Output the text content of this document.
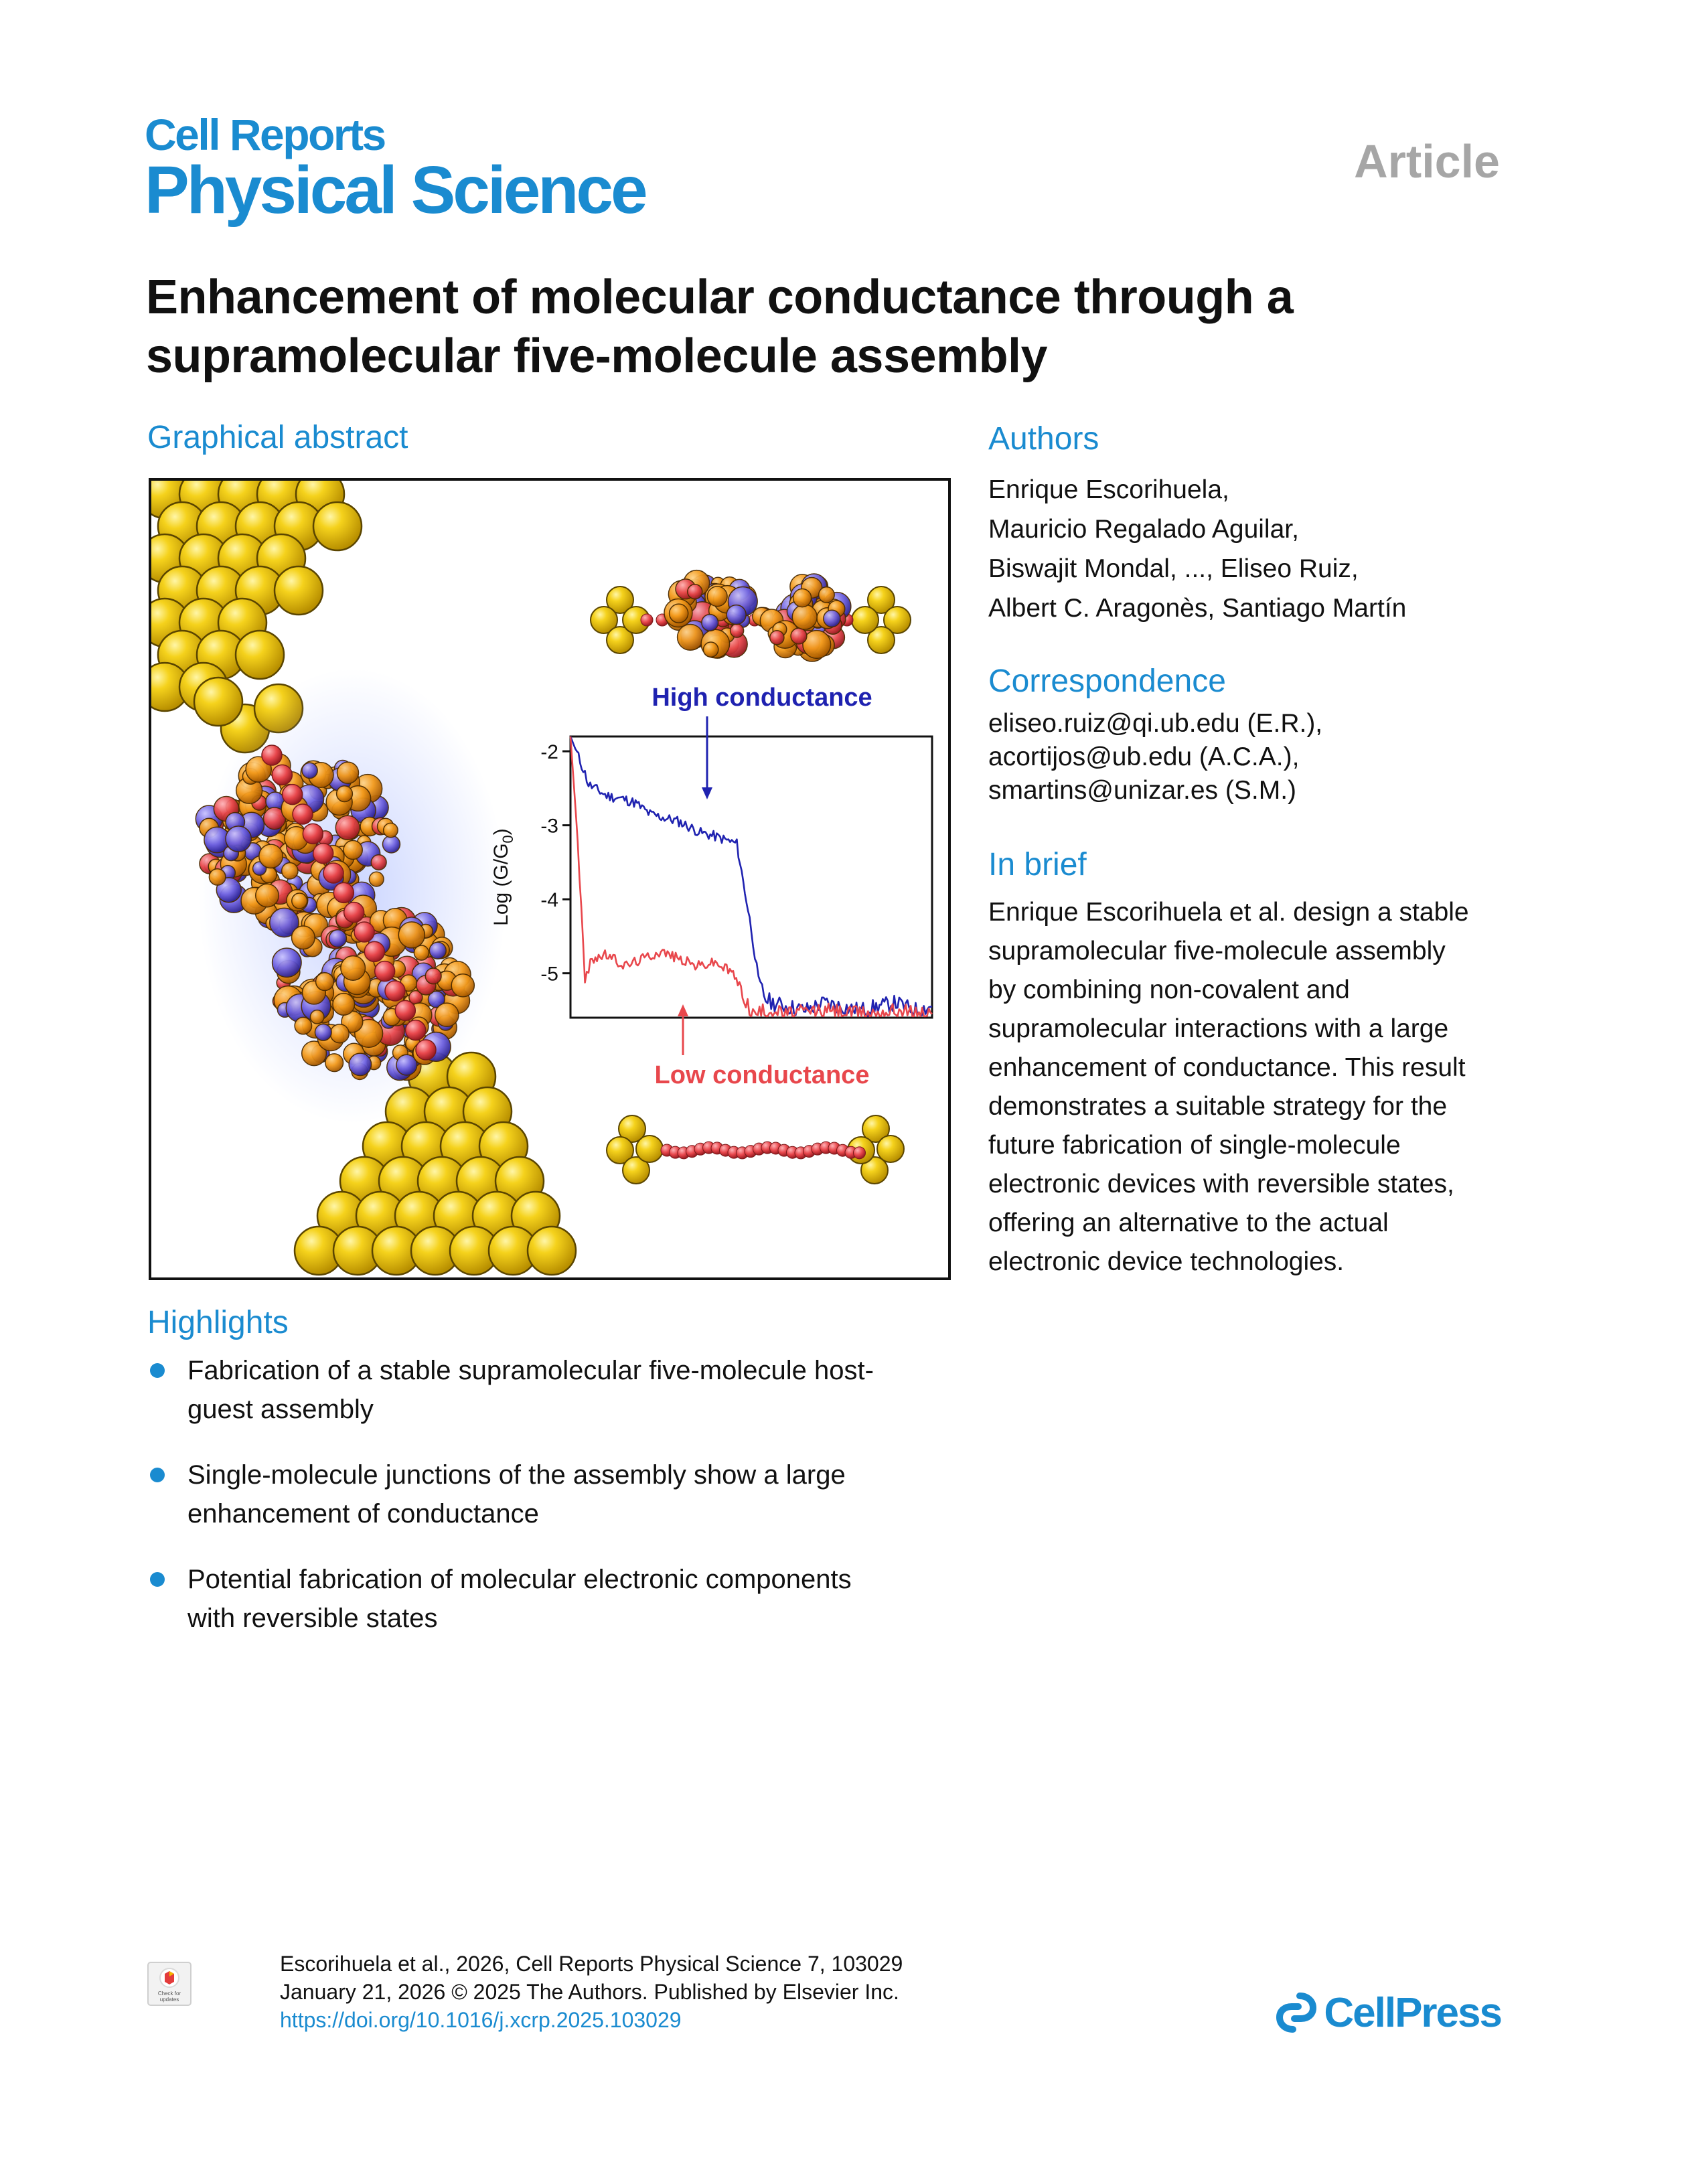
Cell Reports
Physical Science	Article
Enhancement of molecular conductance through a supramolecular five-molecule assembly
Graphical abstract
-2
-3
-4
-5
Log $(G/G_0)$
High conductance
Low conductance
Highlights
Fabrication of a stable supramolecular five-molecule host-
guest assembly
Single-molecule junctions of the assembly show a large
enhancement of conductance
Potential fabrication of molecular electronic components
with reversible states
Authors
Enrique Escorihuela,
Mauricio Regalado Aguilar,
Biswajit Mondal, ..., Eliseo Ruiz,
Albert C. Aragonès, Santiago Martín
Correspondence
eliseo.ruiz@qi.ub.edu (E.R.),
acortijos@ub.edu (A.C.A.),
smartins@unizar.es (S.M.)
In brief
Enrique Escorihuela et al. design a stable
supramolecular five-molecule assembly
by combining non-covalent and
supramolecular interactions with a large
enhancement of conductance. This result
demonstrates a suitable strategy for the
future fabrication of single-molecule
electronic devices with reversible states,
offering an alternative to the actual
electronic device technologies.
Check for
updates
Escorihuela et al., 2026, Cell Reports Physical Science 7, 103029
January 21, 2026 © 2025 The Authors. Published by Elsevier Inc.
https://doi.org/10.1016/j.xcrp.2025.103029	CellPress
